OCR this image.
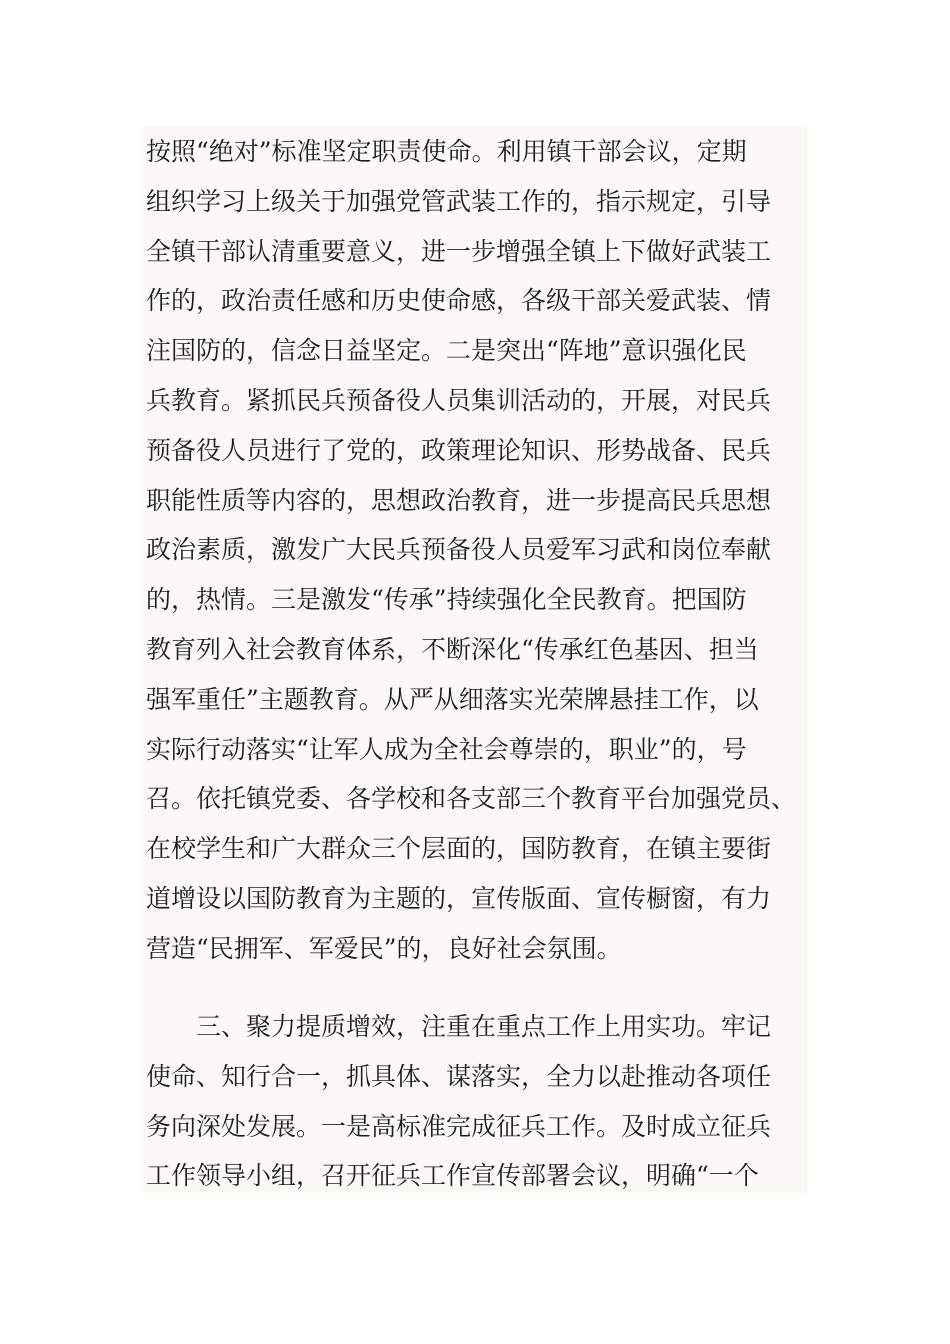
按照“绝对”标准坚定职责使命。利用镇干部会议，定期
组织学习上级关于加强党管武装工作的，指示规定，引导
全镇干部认清重要意义，进一步增强全镇上下做好武装工
作的，政治责任感和历史使命感，各级干部关爱武装、情
注国防的，信念日益坚定。二是突出“阵地”意识强化民
兵教育。紧抓民兵预备役人员集训活动的，开展，对民兵
预备役人员进行了党的，政策理论知识、形势战备、民兵
职能性质等内容的，思想政治教育，进一步提高民兵思想
政治素质，激发广大民兵预备役人员爱军习武和岗位奉献
的，热情。三是激发“传承”持续强化全民教育。把国防
教育列入社会教育体系，不断深化“传承红色基因、担当
强军重任”主题教育。从严从细落实光荣牌悬挂工作，以
实际行动落实“让军人成为全社会尊崇的，职业”的，号
召。依托镇党委、各学校和各支部三个教育平台加强党员、
在校学生和广大群众三个层面的，国防教育，在镇主要街
道增设以国防教育为主题的，宣传版面、宣传橱窗，有力
营造“民拥军、军爱民”的，良好社会氛围。
三、聚力提质增效，注重在重点工作上用实功。牢记
使命、知行合一，抓具体、谋落实，全力以赴推动各项任
务向深处发展。一是高标准完成征兵工作。及时成立征兵
工作领导小组，召开征兵工作宣传部署会议，明确“一个
